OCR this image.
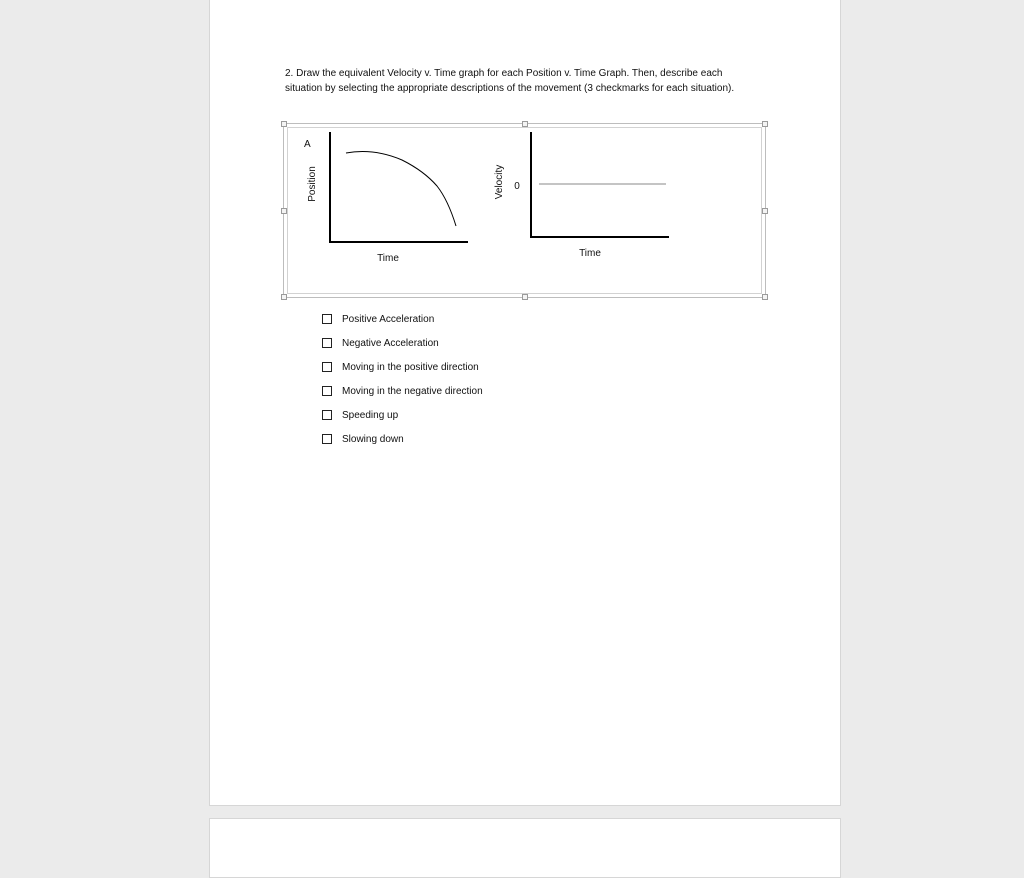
2. Draw the equivalent Velocity v. Time graph for each Position v. Time Graph. Then, describe each
situation by selecting the appropriate descriptions of the movement (3 checkmarks for each situation).
A
Position
Time
Velocity 0
Time
Positive Acceleration
Negative Acceleration
Moving in the positive direction
Moving in the negative direction
Speeding up
Slowing down
